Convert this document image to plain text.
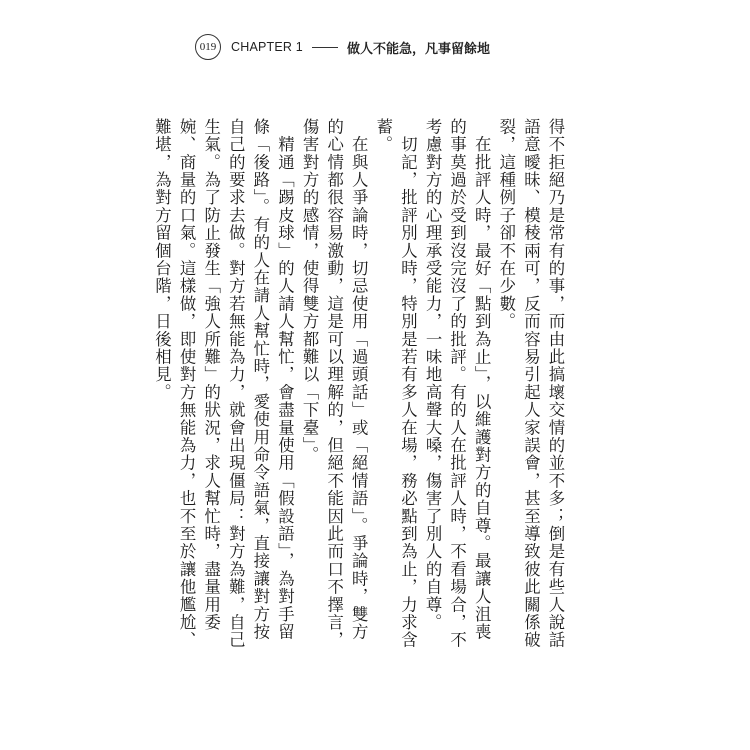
019	CHAPTER 1	做人不能急，凡事留餘地

得不拒絕乃是常有的事，而由此搞壞交情的並不多；倒是有些人說話語意曖昧、模稜兩可，反而容易引起人家誤會，甚至導致彼此關係破裂，這種例子卻不在少數。

　在批評人時，最好「點到為止」，以維護對方的自尊。最讓人沮喪的事莫過於受到沒完沒了的批評。有的人在批評人時，不看場合，不考慮對方的心理承受能力，一味地高聲大嗓，傷害了別人的自尊。

　切記，批評別人時，特別是若有多人在場，務必點到為止，力求含蓄。

　在與人爭論時，切忌使用「過頭話」或「絕情語」。爭論時，雙方的心情都很容易激動，這是可以理解的，但絕不能因此而口不擇言，傷害對方的感情，使得雙方都難以「下臺」。

　精通「踢皮球」的人請人幫忙，會盡量使用「假設語」，為對手留條「後路」。有的人在請人幫忙時，愛使用命令語氣，直接讓對方按自己的要求去做。對方若無能為力，就會出現僵局：對方為難，自己生氣。為了防止發生「強人所難」的狀況，求人幫忙時，盡量用委婉、商量的口氣。這樣做，即使對方無能為力，也不至於讓他尷尬、難堪，為對方留個台階，日後相見。
